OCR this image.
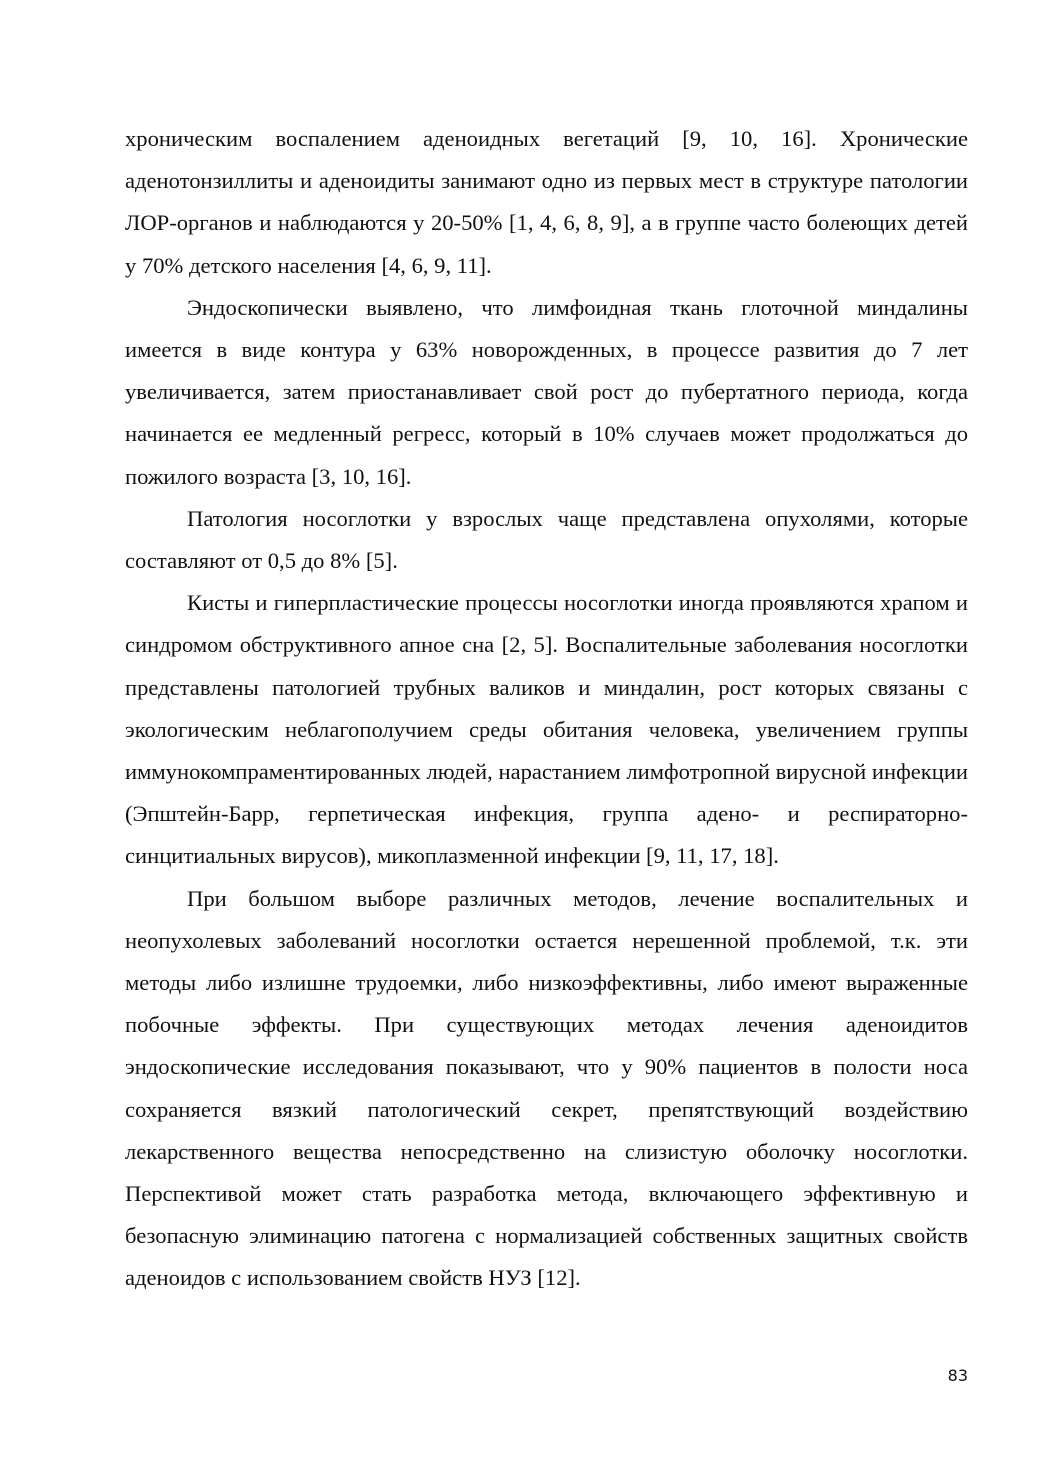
хроническим воспалением аденоидных вегетаций [9, 10, 16]. Хронические аденотонзиллиты и аденоидиты занимают одно из первых мест в структуре патологии ЛОР-органов и наблюдаются у 20-50% [1, 4, 6, 8, 9], а в группе часто болеющих детей у 70% детского населения [4, 6, 9, 11].

Эндоскопически выявлено, что лимфоидная ткань глоточной миндалины имеется в виде контура у 63% новорожденных, в процессе развития до 7 лет увеличивается, затем приостанавливает свой рост до пубертатного периода, когда начинается ее медленный регресс, который в 10% случаев может продолжаться до пожилого возраста [3, 10, 16].

Патология носоглотки у взрослых чаще представлена опухолями, которые составляют от 0,5 до 8% [5].

Кисты и гиперпластические процессы носоглотки иногда проявляются храпом и синдромом обструктивного апное сна [2, 5]. Воспалительные заболевания носоглотки представлены патологией трубных валиков и миндалин, рост которых связаны с экологическим неблагополучием среды обитания человека, увеличением группы иммунокомпраментированных людей, нарастанием лимфотропной вирусной инфекции (Эпштейн-Барр, герпетическая инфекция, группа адено- и респираторно-синцитиальных вирусов), микоплазменной инфекции [9, 11, 17, 18].

При большом выборе различных методов, лечение воспалительных и неопухолевых заболеваний носоглотки остается нерешенной проблемой, т.к. эти методы либо излишне трудоемки, либо низкоэффективны, либо имеют выраженные побочные эффекты. При существующих методах лечения аденоидитов эндоскопические исследования показывают, что у 90% пациентов в полости носа сохраняется вязкий патологический секрет, препятствующий воздействию лекарственного вещества непосредственно на слизистую оболочку носоглотки. Перспективой может стать разработка метода, включающего эффективную и безопасную элиминацию патогена с нормализацией собственных защитных свойств аденоидов с использованием свойств НУЗ [12].

83
